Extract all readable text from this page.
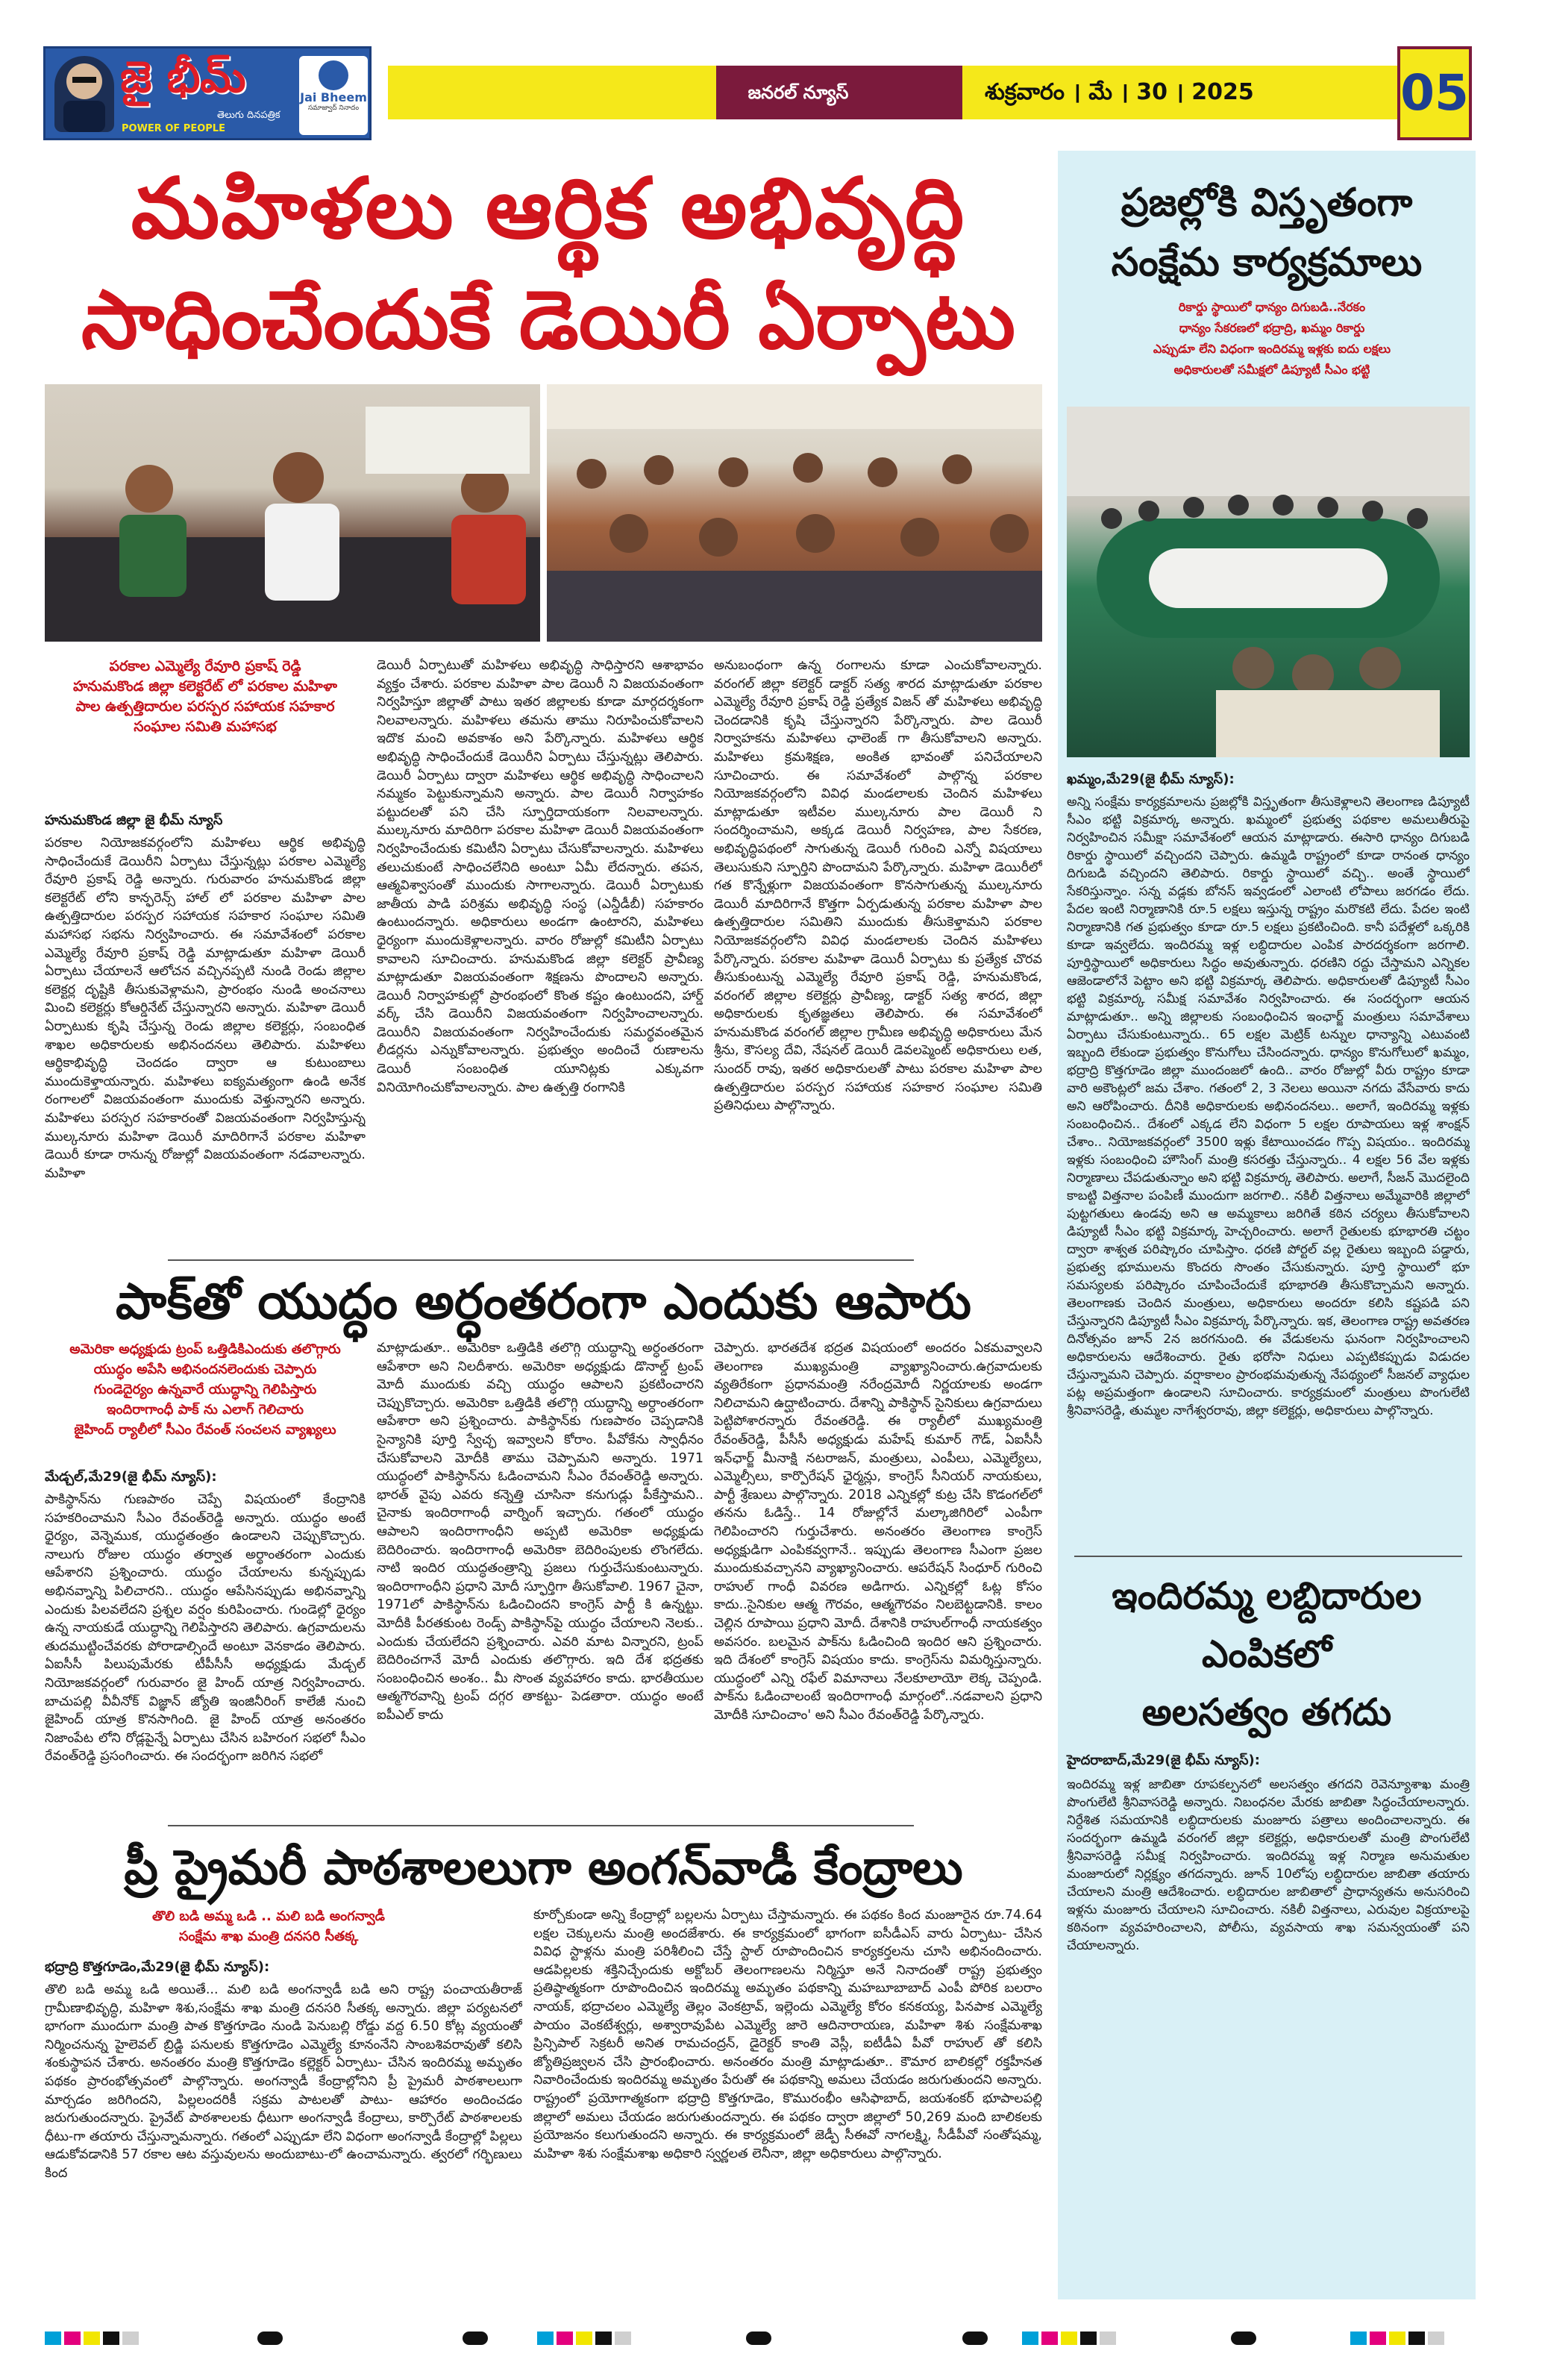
జై భీమ్
తెలుగు దినపత్రిక
POWER OF PEOPLE
Jai Bheem
సమాజ్వాద్ నినాదం
జనరల్ న్యూస్	శుక్రవారం । మే । 30 । 2025	05
మహిళలు ఆర్థిక అభివృద్ధి
సాధించేందుకే డెయిరీ ఏర్పాటు
పరకాల ఎమ్మెల్యే రేవూరి ప్రకాష్ రెడ్డి
హనుమకొండ జిల్లా కలెక్టరేట్ లో పరకాల మహిళా
పాల ఉత్పత్తిదారుల పరస్పర సహాయక సహకార
సంఘాల సమితి మహాసభ
హనుమకొండ జిల్లా జై భీమ్ న్యూస్
పరకాల నియోజకవర్గంలోని మహిళలు ఆర్థిక అభివృద్ధి సాధించేందుకే డెయిరీని ఏర్పాటు చేస్తున్నట్లు పరకాల ఎమ్మెల్యే రేవూరి ప్రకాష్ రెడ్డి అన్నారు. గురువారం హనుమకొండ జిల్లా కలెక్టరేట్ లోని కాన్ఫరెన్స్ హాల్ లో పరకాల మహిళా పాల ఉత్పత్తిదారుల పరస్పర సహాయక సహకార సంఘాల సమితి మహాసభ సభను నిర్వహించారు. ఈ సమావేశంలో పరకాల ఎమ్మెల్యే రేవూరి ప్రకాష్ రెడ్డి మాట్లాడుతూ మహిళా డెయిరీ ఏర్పాటు చేయాలనే ఆలోచన వచ్చినప్పటి నుండి రెండు జిల్లాల కలెక్టర్ల దృష్టికి తీసుకువెళ్లామని, ప్రారంభం నుండి అంచనాలు మించి కలెక్టర్లు కోఆర్డినేట్ చేస్తున్నారని అన్నారు. మహిళా డెయిరీ ఏర్పాటుకు కృషి చేస్తున్న రెండు జిల్లాల కలెక్టర్లు, సంబంధిత శాఖల అధికారులకు అభినందనలు తెలిపారు. మహిళలు ఆర్థికాభివృద్ధి చెందడం ద్వారా ఆ కుటుంబాలు ముందుకెళ్తాయన్నారు. మహిళలు ఐక్యమత్యంగా ఉండి అనేక రంగాలలో విజయవంతంగా ముందుకు వెళ్తున్నారని అన్నారు. మహిళలు పరస్పర సహకారంతో విజయవంతంగా నిర్వహిస్తున్న ముల్కనూరు మహిళా డెయిరీ మాదిరిగానే పరకాల మహిళా డెయిరీ కూడా రానున్న రోజుల్లో విజయవంతంగా నడవాలన్నారు. మహిళా
డెయిరీ ఏర్పాటుతో మహిళలు అభివృద్ధి సాధిస్తారని ఆశాభావం వ్యక్తం చేశారు. పరకాల మహిళా పాల డెయిరీ ని విజయవంతంగా నిర్వహిస్తూ జిల్లాతో పాటు ఇతర జిల్లాలకు కూడా మార్గదర్శకంగా నిలవాలన్నారు. మహిళలు తమను తాము నిరూపించుకోవాలని ఇదొక మంచి అవకాశం అని పేర్కొన్నారు. మహిళలు ఆర్థిక అభివృద్ధి సాధించేందుకే డెయిరీని ఏర్పాటు చేస్తున్నట్లు తెలిపారు. డెయిరీ ఏర్పాటు ద్వారా మహిళలు ఆర్థిక అభివృద్ధి సాధించాలని నమ్మకం పెట్టుకున్నామని అన్నారు. పాల డెయిరీ నిర్వాహకం పట్టుదలతో పని చేసి స్ఫూర్తిదాయకంగా నిలవాలన్నారు. ముల్కనూరు మాదిరిగా పరకాల మహిళా డెయిరీ విజయవంతంగా నిర్వహించేందుకు కమిటీని ఏర్పాటు చేసుకోవాలన్నారు. మహిళలు తలుచుకుంటే సాధించలేనిది అంటూ ఏమీ లేదన్నారు. తపన, ఆత్మవిశ్వాసంతో ముందుకు సాగాలన్నారు. డెయిరీ ఏర్పాటుకు జాతీయ పాడి పరిశ్రమ అభివృద్ధి సంస్థ (ఎన్డీడీబీ) సహకారం ఉంటుందన్నారు. అధికారులు అండగా ఉంటారని, మహిళలు ధైర్యంగా ముందుకెళ్లాలన్నారు. వారం రోజుల్లో కమిటీని ఏర్పాటు కావాలని సూచించారు. హనుమకొండ జిల్లా కలెక్టర్ ప్రావీణ్య మాట్లాడుతూ విజయవంతంగా శిక్షణను పొందాలని అన్నారు. డెయిరీ నిర్వాహకుల్లో ప్రారంభంలో కొంత కష్టం ఉంటుందని, హార్డ్ వర్క్ చేసి డెయిరీని విజయవంతంగా నిర్వహించాలన్నారు. డెయిరీని విజయవంతంగా నిర్వహించేందుకు సమర్థవంతమైన లీడర్లను ఎన్నుకోవాలన్నారు. ప్రభుత్వం అందించే రుణాలను డెయిరీ సంబంధిత యూనిట్లకు ఎక్కువగా వినియోగించుకోవాలన్నారు. పాల ఉత్పత్తి రంగానికి
అనుబంధంగా ఉన్న రంగాలను కూడా ఎంచుకోవాలన్నారు. వరంగల్ జిల్లా కలెక్టర్ డాక్టర్ సత్య శారద మాట్లాడుతూ పరకాల ఎమ్మెల్యే రేవూరి ప్రకాష్ రెడ్డి ప్రత్యేక విజన్ తో మహిళలు అభివృద్ధి చెందడానికి కృషి చేస్తున్నారని పేర్కొన్నారు. పాల డెయిరీ నిర్వాహకను మహిళలు ఛాలెంజ్ గా తీసుకోవాలని అన్నారు. మహిళలు క్రమశిక్షణ, అంకిత భావంతో పనిచేయాలని సూచించారు. ఈ సమావేశంలో పాల్గొన్న పరకాల నియోజకవర్గంలోని వివిధ మండలాలకు చెందిన మహిళలు మాట్లాడుతూ ఇటీవల ముల్కనూరు పాల డెయిరీ ని సందర్శించామని, అక్కడ డెయిరీ నిర్వహణ, పాల సేకరణ, అభివృద్ధిపథంలో సాగుతున్న డెయిరీ గురించి ఎన్నో విషయాలు తెలుసుకుని స్ఫూర్తిని పొందామని పేర్కొన్నారు. మహిళా డెయిరీలో గత కొన్నేళ్లుగా విజయవంతంగా కొనసాగుతున్న ముల్కనూరు డెయిరీ మాదిరిగానే కొత్తగా ఏర్పడుతున్న పరకాల మహిళా పాల ఉత్పత్తిదారుల సమితిని ముందుకు తీసుకెళ్తామని పరకాల నియోజకవర్గంలోని వివిధ మండలాలకు చెందిన మహిళలు పేర్కొన్నారు. పరకాల మహిళా డెయిరీ ఏర్పాటు కు ప్రత్యేక చొరవ తీసుకుంటున్న ఎమ్మెల్యే రేవూరి ప్రకాష్ రెడ్డి, హనుమకొండ, వరంగల్ జిల్లాల కలెక్టర్లు ప్రావీణ్య, డాక్టర్ సత్య శారద, జిల్లా అధికారులకు కృతజ్ఞతలు తెలిపారు. ఈ సమావేశంలో హనుమకొండ వరంగల్ జిల్లాల గ్రామీణ అభివృద్ధి అధికారులు మేన శ్రీను, కౌసల్య దేవి, నేషనల్ డెయిరీ డెవలప్మెంట్ అధికారులు లత, సుందర్ రావు, ఇతర అధికారులతో పాటు పరకాల మహిళా పాల ఉత్పత్తిదారుల పరస్పర సహాయక సహకార సంఘాల సమితి ప్రతినిధులు పాల్గొన్నారు.
పాక్‌తో యుద్ధం అర్ధంతరంగా ఎందుకు ఆపారు
అమెరికా అధ్యక్షుడు ట్రంప్ ఒత్తిడికిఎందుకు తలొగ్గారు
యుద్ధం అపేసి అభినందనలెందుకు చెప్పారు
గుండెదైర్యం ఉన్నవారే యుద్ధాన్ని గెలిపిస్తారు
ఇందిరాగాంధీ పాక్ ను ఎలాగ్ గెలిచారు
జైహింద్ ర్యాలీలో సీఎం రేవంత్ సంచలన వ్యాఖ్యలు
మేడ్చల్,మే29(జై భీమ్ న్యూస్):
పాకిస్థాన్‌ను గుణపాఠం చెప్పే విషయంలో కేంద్రానికి సహకరించామని సీఎం రేవంత్‌రెడ్డి అన్నారు. యుద్ధం అంటే ధైర్యం, వెన్నెముక, యుద్ధతంత్రం ఉండాలని చెప్పుకొచ్చారు. నాలుగు రోజుల యుద్ధం తర్వాత అర్థాంతరంగా ఎందుకు ఆపేశారని ప్రశ్నించారు. యుద్ధం చేయాలను కున్నప్పుడు అభినవ్నాన్ని పిలిచారని.. యుద్ధం ఆపేసినప్పుడు అభినవ్నాన్ని ఎందుకు పిలవలేదని ప్రశ్నల వర్షం కురిపించారు. గుండెల్లో ధైర్యం ఉన్న నాయకుడే యుద్ధాన్ని గెలిపిస్తారని తెలిపారు. ఉగ్రవాదులను తుదముట్టించేవరకు పోరాడాల్సిందే అంటూ వెనకాడం తెలిపారు. ఏఐసీసీ పిలుపుమేరకు టీపీసీసీ అధ్యక్షుడు మేడ్చల్ నియోజకవర్గంలో గురువారం జై హింద్ యాత్ర నిర్వహించారు. బాచుపల్లి వీవీనోక్ విజ్ఞాన్ జ్యోతి ఇంజినీరింగ్ కాలేజీ నుంచి జైహింద్ యాత్ర కొనసాగింది. జై హింద్ యాత్ర అనంతరం నిజాంపేట లోని రోడ్లపైన్నే ఏర్పాటు చేసిన బహిరంగ సభలో సీఎం రేవంత్‌రెడ్డి ప్రసంగించారు. ఈ సందర్భంగా జరిగిన సభలో
మాట్లాడుతూ.. అమెరికా ఒత్తిడికి తలొగ్గి యుద్ధాన్ని అర్ధంతరంగా ఆపేశారా అని నిలదీశారు. అమెరికా అధ్యక్షుడు డొనాల్డ్ ట్రంప్ మోదీ ముందుకు వచ్చి యుద్ధం ఆపాలని ప్రకటించారని చెప్పుకొచ్చారు. అమెరికా ఒత్తిడికి తలొగ్గి యుద్ధాన్ని అర్ధాంతరంగా ఆపేశారా అని ప్రశ్నించారు. పాకిస్థాన్‌కు గుణపాఠం చెప్పడానికి సైన్యానికి పూర్తి స్వేచ్ఛ ఇవ్వాలని కోరాం. పీవోకేను స్వాధీనం చేసుకోవాలని మోదీకి తాము చెప్పామని అన్నారు. 1971 యుద్ధంలో పాకిస్థాన్‌ను ఓడించామని సీఎం రేవంత్‌రెడ్డి అన్నారు. భారత్ వైపు ఎవరు కన్నెత్తి చూసినా కనుగుడ్లు పీకేస్తామని.. చైనాకు ఇందిరాగాంధీ వార్నింగ్ ఇచ్చారు. గతంలో యుద్ధం ఆపాలని ఇందిరాగాంధీని అప్పటి అమెరికా అధ్యక్షుడు బెదిరించారు. ఇందిరాగాంధీ అమెరికా బెదిరింపులకు లొంగలేదు. నాటి ఇందిర యుద్ధతంత్రాన్ని ప్రజలు గుర్తుచేసుకుంటున్నారు. ఇందిరాగాంధీని ప్రధాని మోదీ స్ఫూర్తిగా తీసుకోవాలి. 1967 చైనా, 1971లో పాకిస్థాన్‌ను ఓడించిందని కాంగ్రెస్ పార్టీ కి ఉన్నట్టు. మోదీకి పీరతకుంట రెండ్స్ పాకిస్థాన్‌పై యుద్ధం చేయాలని నెలకు.. ఎందుకు చేయలేదని ప్రశ్నించారు. ఎవరి మాట విన్నారని, ట్రంప్ బెదిరించగానే మోదీ ఎందుకు తలొగ్గారు. ఇది దేశ భద్రతకు సంబంధించిన అంశం.. మీ సొంత వ్యవహారం కాదు. భారతీయుల ఆత్మగౌరవాన్ని ట్రంప్ దగ్గర తాకట్టు- పెడతారా. యుద్ధం అంటే ఐపీఎల్ కాదు
చెప్పారు. భారతదేశ భద్రత విషయంలో అందరం ఏకమవ్వాలని తెలంగాణ ముఖ్యమంత్రి వ్యాఖ్యానించారు.ఉగ్రవాదులకు వ్యతిరేకంగా ప్రధానమంత్రి నరేంద్రమోదీ నిర్ణయాలకు అండగా నిలిచామని ఉద్ఘాటించారు. దేశాన్ని పాకిస్థాన్ సైనికులు ఉగ్రవాదులు పెట్టిపోశారన్నారు రేవంతరెడ్డి. ఈ ర్యాలీలో ముఖ్యమంత్రి రేవంత్‌రెడ్డి, పీసీసీ అధ్యక్షుడు మహేష్ కుమార్ గౌడ్, ఏఐసీసీ ఇన్‌ఛార్జ్ మీనాక్షి నటరాజన్, మంత్రులు, ఎంపీలు, ఎమ్మెల్యేలు, ఎమ్మెల్సీలు, కార్పొరేషన్ ఛైర్మన్లు, కాంగ్రెస్ సీనియర్ నాయకులు, పార్టీ శ్రేణులు పాల్గొన్నారు. 2018 ఎన్నికల్లో కుట్ర చేసి కొడంగల్‌లో తనను ఓడిస్తే.. 14 రోజుల్లోనే మల్కాజిగిరిలో ఎంపీగా గెలిపించారని గుర్తుచేశారు. అనంతరం తెలంగాణ కాంగ్రెస్ అధ్యక్షుడిగా ఎంపికవ్వగానే.. ఇప్పుడు తెలంగాణ సీఎంగా ప్రజల ముందుకువచ్చానని వ్యాఖ్యానించారు. ఆపరేషన్ సింధూర్ గురించి రాహుల్ గాంధీ వివరణ అడిగారు. ఎన్నికల్లో ఓట్ల కోసం కాదు..సైనికుల ఆత్మ గౌరవం, ఆత్మగౌరవం నిలబెట్టడానికి. కాలం చెల్లిన రూపాయి ప్రధాని మోదీ. దేశానికి రాహుల్‌గాంధీ నాయకత్వం అవసరం. బలమైన పాక్‌ను ఓడించింది ఇందిర ఆని ప్రశ్నించారు. ఇది దేశంలో కాంగ్రెస్ విషయం కాదు. కాంగ్రెస్‌ను విమర్శిస్తున్నారు. యుద్ధంలో ఎన్ని రఫేల్ విమానాలు నేలకూలాయో లెక్క చెప్పండి. పాక్‌ను ఓడించాలంటే ఇందిరాగాంధీ మార్గంలో..నడవాలని ప్రధాని మోదీకి సూచించాం' అని సీఎం రేవంత్‌రెడ్డి పేర్కొన్నారు.
ప్రీ ప్రైమరీ పాఠశాలలుగా అంగన్‌వాడీ కేంద్రాలు
తొలి బడి అమ్మ ఒడి .. మలి బడి అంగన్వాడీ
సంక్షేమ శాఖ మంత్రి దనసరి సీతక్క
భద్రాద్రి కొత్తగూడెం,మే29(జై భీమ్ న్యూస్):
తొలి బడి అమ్మ ఒడి అయితే... మలి బడి అంగన్వాడీ బడి అని రాష్ట్ర పంచాయతీరాజ్ గ్రామీణాభివృద్ధి, మహిళా శిశు,సంక్షేమ శాఖ మంత్రి దనసరి సీతక్క అన్నారు. జిల్లా పర్యటనలో భాగంగా ముందుగా మంత్రి పాత కొత్తగూడెం నుండి పెనుబల్లి రోడ్డు వద్ద 6.50 కోట్ల వ్యయంతో నిర్మించనున్న హైలెవల్ బ్రిడ్జి పనులకు కొత్తగూడెం ఎమ్మెల్యే కూనంనేని సాంబశివరావుతో కలిసి శంకుస్థాపన చేశారు. అనంతరం మంత్రి కొత్తగూడెం కల్లెక్టర్ ఏర్పాటు- చేసిన ఇందిరమ్మ అమృతం పథకం ప్రారంభోత్సవంలో పాల్గొన్నారు. అంగన్వాడీ కేంద్రాల్లోనిని ప్రీ ప్రైమరీ పాఠశాలలుగా మార్చడం జరిగిందని, పిల్లలందరికీ సక్రమ పాటలతో పాటు- ఆహారం అందించడం జరుగుతుందన్నారు. ప్రైవేట్ పాఠశాలలకు ధీటుగా అంగన్వాడీ కేంద్రాలు, కార్పొరేట్ పాఠశాలలకు ధీటు-గా తయారు చేస్తున్నామన్నారు. గతంలో ఎప్పుడూ లేని విధంగా అంగన్వాడీ కేంద్రాల్లో పిల్లలు ఆడుకోవడానికి 57 రకాల ఆట వస్తువులను అందుబాటు-లో ఉంచామన్నారు. త్వరలో గర్భిణులు కింద
కూర్చోకుండా అన్ని కేంద్రాల్లో బల్లలను ఏర్పాటు చేస్తామన్నారు. ఈ పథకం కింద మంజూరైన రూ.74.64 లక్షల చెక్కులను మంత్రి అందజేశారు. ఈ కార్యక్రమంలో భాగంగా ఐసీడీఎస్ వారు ఏర్పాటు- చేసిన వివిధ స్టాళ్లను మంత్రి పరిశీలించి చేస్తే స్టాల్ రూపొందించిన కార్యకర్తలను చూసి అభినందించారు. ఆడపిల్లలకు శక్తినిచ్చేందుకు అక్టోబర్ తెలంగాణలను నిర్మిస్తూ అనే నినాదంతో రాష్ట్ర ప్రభుత్వం ప్రతిష్ఠాత్మకంగా రూపొందించిన ఇందిరమ్మ అమృతం పథకాన్ని మహబూబాబాద్ ఎంపీ పోరిక బలరాం నాయక్, భద్రాచలం ఎమ్మెల్యే తెల్లం వెంకట్రావ్, ఇల్లెందు ఎమ్మెల్యే కోరం కనకయ్య, పినపాక ఎమ్మెల్యే పాయం వెంకటేశ్వర్లు, అశ్వారావుపేట ఎమ్మెల్యే జారె ఆదినారాయణ, మహిళా శిశు సంక్షేమశాఖ ప్రిన్సిపాల్ సెక్రటరీ అనిత రామచంద్రన్, డైరెక్టర్ కాంతి వెస్లీ, ఐటీడీఏ పీవో రాహుల్ తో కలిసి జ్యోతిప్రజ్వలన చేసి ప్రారంభించారు. అనంతరం మంత్రి మాట్లాడుతూ.. కౌమార బాలికల్లో రక్తహీనత నివారించేందుకు ఇందిరమ్మ అమృతం పేరుతో ఈ పథకాన్ని అమలు చేయడం జరుగుతుందని అన్నారు. రాష్ట్రంలో ప్రయోగాత్మకంగా భద్రాద్రి కొత్తగూడెం, కొమురంభీం ఆసిఫాబాద్, జయశంకర్ భూపాలపల్లి జిల్లాలో అమలు చేయడం జరుగుతుందన్నారు. ఈ పథకం ద్వారా జిల్లాలో 50,269 మంది బాలికలకు ప్రయోజనం కలుగుతుందని అన్నారు. ఈ కార్యక్రమంలో జెడ్పీ సీఈవో నాగలక్ష్మి, సీడీపీవో సంతోషమ్మ, మహిళా శిశు సంక్షేమశాఖ అధికారి స్వర్ణలత లెనీనా, జిల్లా అధికారులు పాల్గొన్నారు.
ప్రజల్లోకి విస్తృతంగా
సంక్షేమ కార్యక్రమాలు
రికార్డు స్థాయిలో ధాన్యం దిగుబడి..నేరకం
ధాన్యం సేకరణలో భద్రాద్రి, ఖమ్మం రికార్డు
ఎప్పుడూ లేని విధంగా ఇందిరమ్మ ఇళ్లకు ఐదు లక్షలు
అధికారులతో సమీక్షలో డిప్యూటీ సీఎం భట్టి
ఖమ్మం,మే29(జై భీమ్ న్యూస్):
అన్ని సంక్షేమ కార్యక్రమాలను ప్రజల్లోకి విస్తృతంగా తీసుకెళ్లాలని తెలంగాణ డిప్యూటీ సీఎం భట్టి విక్రమార్క అన్నారు. ఖమ్మంలో ప్రభుత్వ పథకాల అమలుతీరుపై నిర్వహించిన సమీక్షా సమావేశంలో ఆయన మాట్లాడారు. ఈసారి ధాన్యం దిగుబడి రికార్డు స్థాయిలో వచ్చిందని చెప్పారు. ఉమ్మడి రాష్ట్రంలో కూడా రానంత ధాన్యం దిగుబడి వచ్చిందని తెలిపారు. రికార్డు స్థాయిలో వచ్చి.. అంతే స్థాయిలో సేకరిస్తున్నాం. సన్న వడ్లకు బోనస్ ఇవ్వడంలో ఎలాంటి లోపాలు జరగడం లేదు. పేదల ఇంటి నిర్మాణానికి రూ.5 లక్షలు ఇస్తున్న రాష్ట్రం మరొకటి లేదు. పేదల ఇంటి నిర్మాణానికి గత ప్రభుత్వం కూడా రూ.5 లక్షలు ప్రకటించింది. కానీ పదేళ్లలో ఒక్కరికి కూడా ఇవ్వలేదు. ఇందిరమ్మ ఇళ్ల లబ్ధిదారుల ఎంపిక పారదర్శకంగా జరగాలి. పూర్తిస్థాయిలో అధికారులు సిద్ధం అవుతున్నారు. ధరణిని రద్దు చేస్తామని ఎన్నికల ఆజెండాలోనే పెట్టాం అని భట్టి విక్రమార్క తెలిపారు. అధికారులతో డిప్యూటీ సీఎం భట్టి విక్రమార్క సమీక్ష సమావేశం నిర్వహించారు. ఈ సందర్భంగా ఆయన మాట్లాడుతూ.. అన్ని జిల్లాలకు సంబంధించిన ఇంఛార్జ్ మంత్రులు సమావేశాలు ఏర్పాటు చేసుకుంటున్నారు.. 65 లక్షల మెట్రిక్ టన్నుల ధాన్యాన్ని ఎటువంటి ఇబ్బంది లేకుండా ప్రభుత్వం కొనుగోలు చేసిందన్నారు. ధాన్యం కొనుగోలులో ఖమ్మం, భద్రాద్రి కొత్తగూడెం జిల్లా ముందంజలో ఉంది.. వారం రోజుల్లో వీరు రాష్ట్రం కూడా వారి అకౌంట్లలో జమ చేశాం. గతంలో 2, 3 నెలలు అయినా నగదు వేసేవారు కాదు అని ఆరోపించారు. దీనికి అధికారులకు అభినందనలు.. అలాగే, ఇందిరమ్మ ఇళ్లకు సంబంధించిన.. దేశంలో ఎక్కడ లేని విధంగా 5 లక్షల రూపాయలు ఇళ్ల శాంక్షన్ చేశాం.. నియోజకవర్గంలో 3500 ఇళ్లు కేటాయించడం గొప్ప విషయం.. ఇందిరమ్మ ఇళ్లకు సంబంధించి హౌసింగ్ మంత్రి కసరత్తు చేస్తున్నారు.. 4 లక్షల 56 వేల ఇళ్లకు నిర్మాణాలు చేపడుతున్నాం అని భట్టి విక్రమార్క తెలిపారు. అలాగే, సీజన్ మొదలైంది కాబట్టి విత్తనాల పంపిణీ ముందుగా జరగాలి.. నకిలీ విత్తనాలు అమ్మేవారికి జిల్లాలో పుట్టగతులు ఉండవు అని ఆ అమ్మకాలు జరిగితే కఠిన చర్యలు తీసుకోవాలని డిప్యూటీ సీఎం భట్టి విక్రమార్క హెచ్చరించారు. అలాగే రైతులకు భూభారతి చట్టం ద్వారా శాశ్వత పరిష్కారం చూపిస్తాం. ధరణి పోర్టల్ వల్ల రైతులు ఇబ్బంది పడ్డారు, ప్రభుత్వ భూములను కొందరు సొంతం చేసుకున్నారు. పూర్తి స్థాయిలో భూ సమస్యలకు పరిష్కారం చూపించేందుకే భూభారతి తీసుకొచ్చామని అన్నారు. తెలంగాణకు చెందిన మంత్రులు, అధికారులు అందరూ కలిసి కష్టపడి పని చేస్తున్నారని డిప్యూటీ సీఎం విక్రమార్క పేర్కొన్నారు. ఇక, తెలంగాణ రాష్ట్ర అవతరణ దినోత్సవం జూన్ 2న జరగనుంది. ఈ వేడుకలను ఘనంగా నిర్వహించాలని అధికారులను ఆదేశించారు. రైతు భరోసా నిధులు ఎప్పటికప్పుడు విడుదల చేస్తున్నామని చెప్పారు. వర్షాకాలం ప్రారంభమవుతున్న నేపథ్యంలో సీజనల్ వ్యాధుల పట్ల అప్రమత్తంగా ఉండాలని సూచించారు. కార్యక్రమంలో మంత్రులు పొంగులేటి శ్రీనివాసరెడ్డి, తుమ్మల నాగేశ్వరరావు, జిల్లా కలెక్టర్లు, అధికారులు పాల్గొన్నారు.
ఇందిరమ్మ లబ్దిదారుల
ఎంపికలో
అలసత్వం తగదు
హైదరాబాద్,మే29(జై భీమ్ న్యూస్):
ఇందిరమ్మ ఇళ్ల జాబితా రూపకల్పనలో అలసత్వం తగదని రెవెన్యూశాఖ మంత్రి పొంగులేటి శ్రీనివాసరెడ్డి అన్నారు. నిబంధనల మేరకు జాబితా సిద్ధంచేయాలన్నారు. నిర్దేశిత సమయానికి లబ్ధిదారులకు మంజూరు పత్రాలు అందించాలన్నారు. ఈ సందర్భంగా ఉమ్మడి వరంగల్ జిల్లా కలెక్టర్లు, అధికారులతో మంత్రి పొంగులేటి శ్రీనివాసరెడ్డి సమీక్ష నిర్వహించారు. ఇందిరమ్మ ఇళ్ల నిర్మాణ అనుమతుల మంజూరులో నిర్లక్ష్యం తగదన్నారు. జూన్ 10లోపు లబ్ధిదారుల జాబితా తయారు చేయాలని మంత్రి ఆదేశించారు. లబ్ధిదారుల జాబితాలో ప్రాధాన్యతను అనుసరించి ఇళ్లను మంజూరు చేయాలని సూచించారు. నకిలీ విత్తనాలు, ఎరువుల విక్రయాలపై కఠినంగా వ్యవహరించాలని, పోలీసు, వ్యవసాయ శాఖ సమన్వయంతో పని చేయాలన్నారు.
